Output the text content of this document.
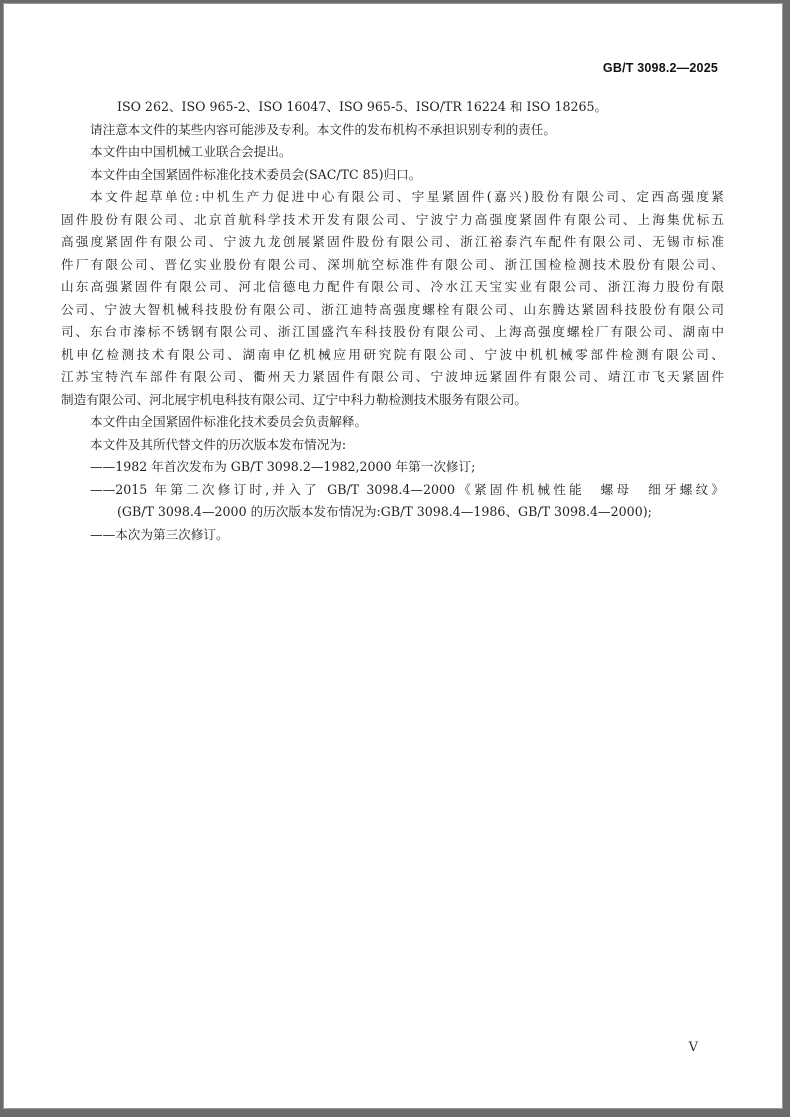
GB/T 3098.2—2025
ISO 262、ISO 965-2、ISO 16047、ISO 965-5、ISO/TR 16224 和 ISO 18265。
请注意本文件的某些内容可能涉及专利。本文件的发布机构不承担识别专利的责任。
本文件由中国机械工业联合会提出。
本文件由全国紧固件标准化技术委员会(SAC/TC 85)归口。
本文件起草单位:中机生产力促进中心有限公司、宇星紧固件(嘉兴)股份有限公司、定西高强度紧
固件股份有限公司、北京首航科学技术开发有限公司、宁波宁力高强度紧固件有限公司、上海集优标五
高强度紧固件有限公司、宁波九龙创展紧固件股份有限公司、浙江裕泰汽车配件有限公司、无锡市标准
件厂有限公司、晋亿实业股份有限公司、深圳航空标准件有限公司、浙江国检检测技术股份有限公司、
山东高强紧固件有限公司、河北信德电力配件有限公司、冷水江天宝实业有限公司、浙江海力股份有限
公司、宁波大智机械科技股份有限公司、浙江迪特高强度螺栓有限公司、山东腾达紧固科技股份有限公司
司、东台市溱标不锈钢有限公司、浙江国盛汽车科技股份有限公司、上海高强度螺栓厂有限公司、湖南中
机申亿检测技术有限公司、湖南申亿机械应用研究院有限公司、宁波中机机械零部件检测有限公司、
江苏宝特汽车部件有限公司、衢州天力紧固件有限公司、宁波坤远紧固件有限公司、靖江市飞天紧固件
制造有限公司、河北展宇机电科技有限公司、辽宁中科力勒检测技术服务有限公司。
本文件由全国紧固件标准化技术委员会负责解释。
本文件及其所代替文件的历次版本发布情况为:
——1982 年首次发布为 GB/T 3098.2—1982,2000 年第一次修订;
——2015 年第二次修订时,并入了 GB/T 3098.4—2000《紧固件机械性能　螺母　细牙螺纹》
(GB/T 3098.4—2000 的历次版本发布情况为:GB/T 3098.4—1986、GB/T 3098.4—2000);
——本次为第三次修订。
V
